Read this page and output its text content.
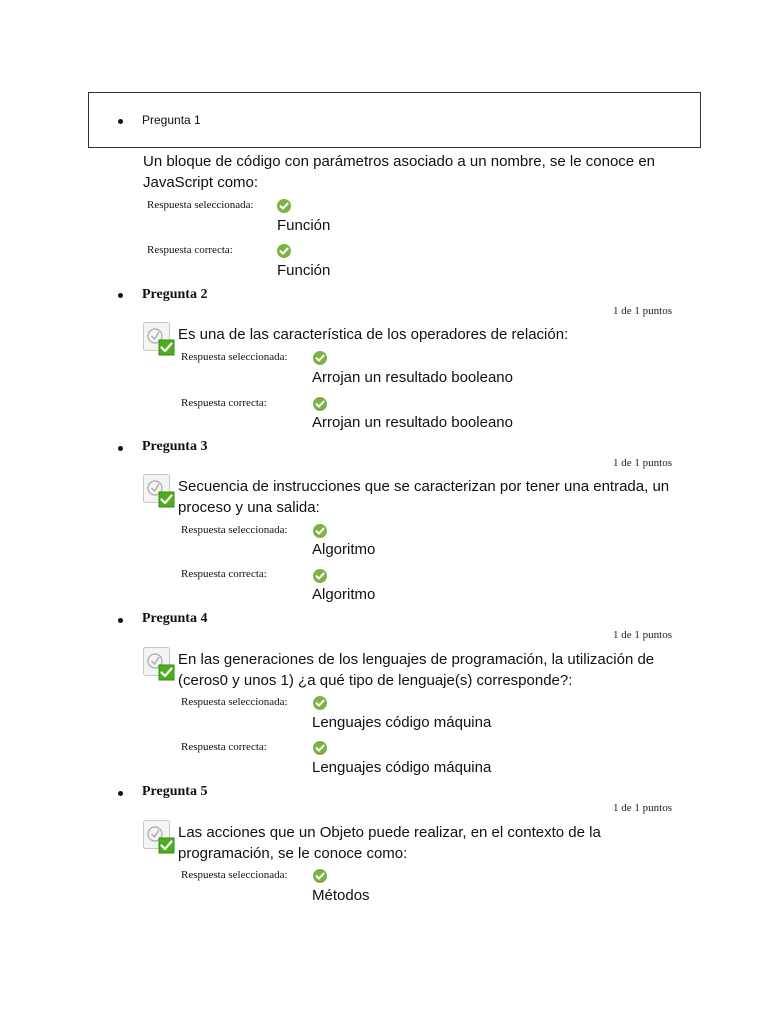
Pregunta 1
Un bloque de código con parámetros asociado a un nombre, se le conoce en JavaScript como:
Respuesta seleccionada:
Función
Respuesta correcta:
Función
Pregunta 2
1 de 1 puntos
Es una de las característica de los operadores de relación:
Respuesta seleccionada:
Arrojan un resultado booleano
Respuesta correcta:
Arrojan un resultado booleano
Pregunta 3
1 de 1 puntos
Secuencia de instrucciones que se caracterizan por tener una entrada, un proceso y una salida:
Respuesta seleccionada:
Algoritmo
Respuesta correcta:
Algoritmo
Pregunta 4
1 de 1 puntos
En las generaciones de los lenguajes de programación, la utilización de (ceros0 y unos 1) ¿a qué tipo de lenguaje(s) corresponde?:
Respuesta seleccionada:
Lenguajes código máquina
Respuesta correcta:
Lenguajes código máquina
Pregunta 5
1 de 1 puntos
Las acciones que un Objeto puede realizar, en el contexto de la programación, se le conoce como:
Respuesta seleccionada:
Métodos
